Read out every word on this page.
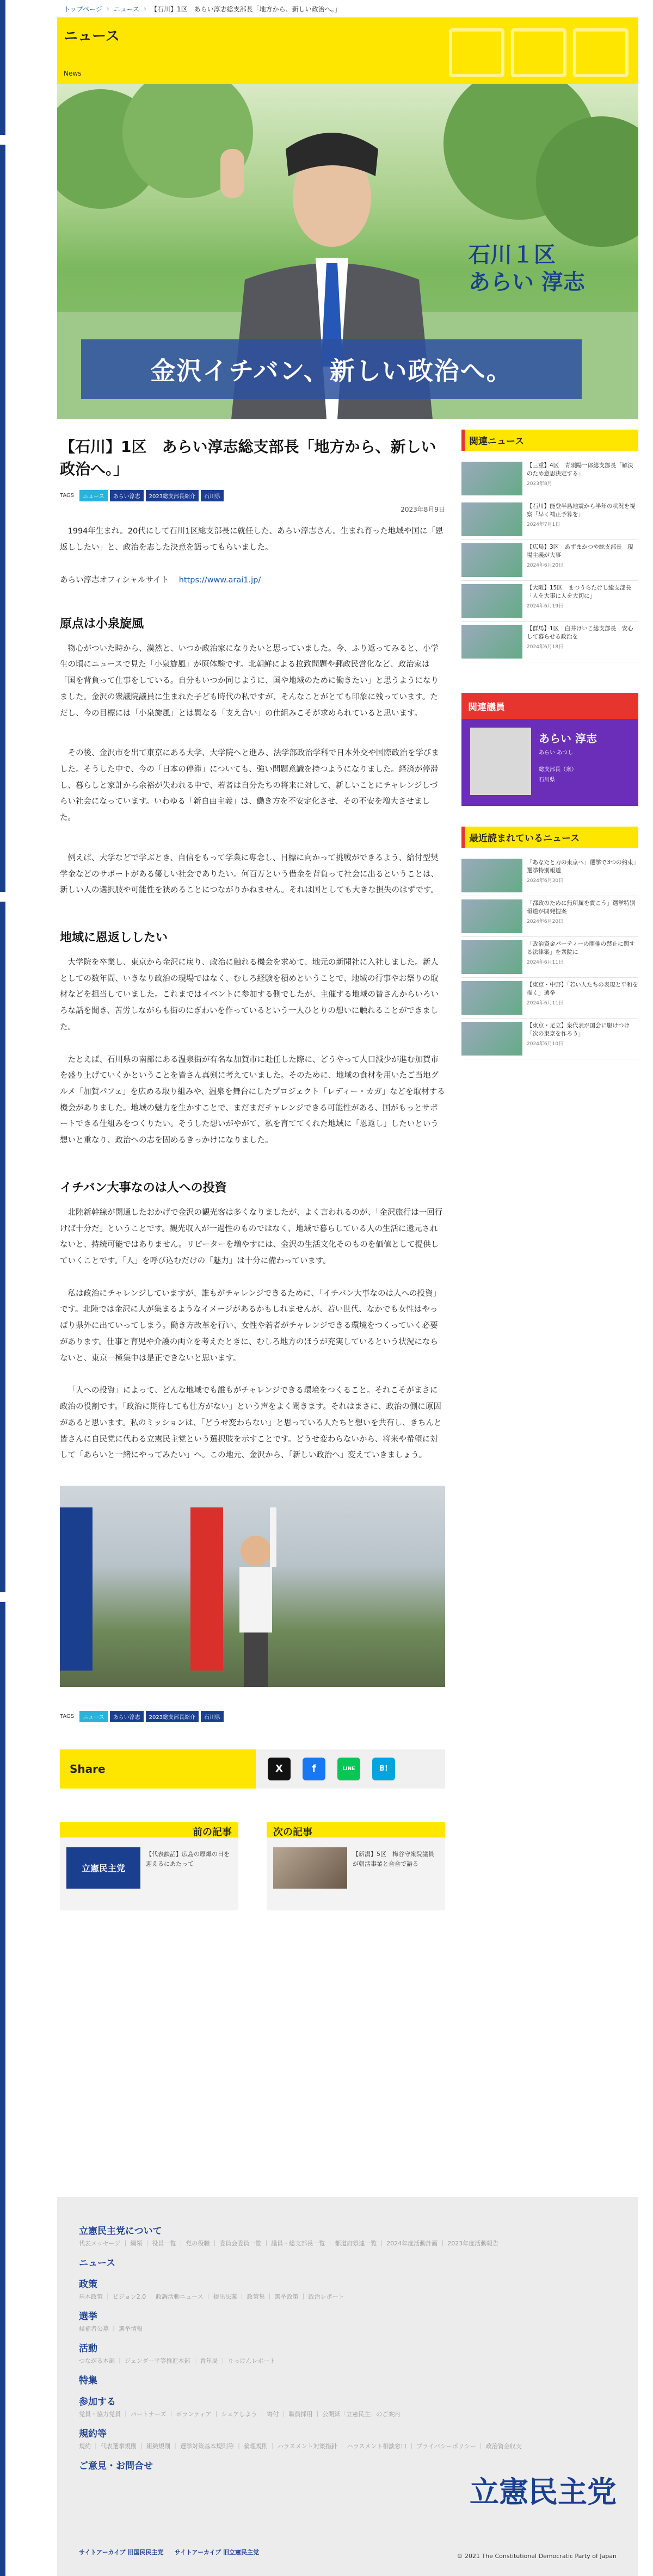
トップページ › ニュース › 【石川】1区　あらい淳志総支部長「地方から、新しい政治へ。」
ニュース
News
石川１区
あらい 淳志
金沢イチバン、新しい政治へ。
【石川】1区　あらい淳志総支部長「地方から、新しい政治へ。」
TAGS	ニュース	あらい淳志	2023総支部長紹介	石川県
2023年8月9日

1994年生まれ。20代にして石川1区総支部長に就任した、あらい淳志さん。生まれ育った地域や国に「恩返ししたい」と、政治を志した決意を語ってもらいました。

あらい淳志オフィシャルサイト https://www.arai1.jp/
原点は小泉旋風

物心がついた時から、漠然と、いつか政治家になりたいと思っていました。今、ふり返ってみると、小学生の頃にニュースで見た「小泉旋風」が原体験です。北朝鮮による拉致問題や郵政民営化など、政治家は「国を背負って仕事をしている。自分もいつか同じように、国や地域のために働きたい」と思うようになりました。金沢の衆議院議員に生まれた子ども時代の私ですが、そんなことがとても印象に残っています。ただし、今の目標には「小泉旋風」とは異なる「支え合い」の仕組みこそが求められていると思います。

その後、金沢市を出て東京にある大学、大学院へと進み、法学部政治学科で日本外交や国際政治を学びました。そうした中で、今の「日本の停滞」についても、強い問題意識を持つようになりました。経済が停滞し、暮らしと家計から余裕が失われる中で、若者は自分たちの将来に対して、新しいことにチャレンジしづらい社会になっています。いわゆる「新自由主義」は、働き方を不安定化させ、その不安を増大させました。

例えば、大学などで学ぶとき、自信をもって学業に専念し、目標に向かって挑戦ができるよう、給付型奨学金などのサポートがある優しい社会でありたい。何百万という借金を背負って社会に出るということは、新しい人の選択肢や可能性を狭めることにつながりかねません。それは国としても大きな損失のはずです。

地域に恩返ししたい

大学院を卒業し、東京から金沢に戻り、政治に触れる機会を求めて、地元の新聞社に入社しました。新人としての数年間、いきなり政治の現場ではなく、むしろ経験を積めということで、地域の行事やお祭りの取材などを担当していました。これまではイベントに参加する側でしたが、主催する地域の皆さんからいろいろな話を聞き、苦労しながらも街のにぎわいを作っているという一人ひとりの想いに触れることができました。

たとえば、石川県の南部にある温泉街が有名な加賀市に赴任した際に、どうやって人口減少が進む加賀市を盛り上げていくかということを皆さん真剣に考えていました。そのために、地域の食材を用いたご当地グルメ「加賀パフェ」を広める取り組みや、温泉を舞台にしたプロジェクト「レディー・カガ」などを取材する機会がありました。地域の魅力を生かすことで、まだまだチャレンジできる可能性がある、国がもっとサポートできる仕組みをつくりたい。そうした想いがやがて、私を育ててくれた地域に「恩返し」したいという想いと重なり、政治への志を固めるきっかけになりました。

イチバン大事なのは人への投資

北陸新幹線が開通したおかげで金沢の観光客は多くなりましたが、よく言われるのが、「金沢旅行は一回行けば十分だ」ということです。観光収入が一過性のものではなく、地域で暮らしている人の生活に還元されないと、持続可能ではありません。リピーターを増やすには、金沢の生活文化そのものを価値として提供していくことです。「人」を呼び込むだけの「魅力」は十分に備わっています。

私は政治にチャレンジしていますが、誰もがチャレンジできるために、「イチバン大事なのは人への投資」です。北陸では金沢に人が集まるようなイメージがあるかもしれませんが、若い世代、なかでも女性はやっぱり県外に出ていってしまう。働き方改革を行い、女性や若者がチャレンジできる環境をつくっていく必要があります。仕事と育児や介護の両立を考えたときに、むしろ地方のほうが充実しているという状況にならないと、東京一極集中は是正できないと思います。

「人への投資」によって、どんな地域でも誰もがチャレンジできる環境をつくること。それこそがまさに政治の役割です。「政治に期待しても仕方がない」という声をよく聞きます。それはまさに、政治の側に原因があると思います。私のミッションは、「どうせ変わらない」と思っている人たちと想いを共有し、きちんと皆さんに自民党に代わる立憲民主党という選択肢を示すことです。どうせ変わらないから、将来や希望に対して「あらいと一緒にやってみたい」へ。この地元、金沢から、「新しい政治へ」変えていきましょう。

TAGS	ニュース	あらい淳志	2023総支部長紹介	石川県
Share	X	f	LINE	B!
前の記事
立憲民主党
【代表談話】広島の原爆の日を迎えるにあたって
次の記事
【新潟】5区　梅谷守衆院議員が朝活事業と合合で語る
関連ニュース
【三重】4区　青須陽一郎総支部長「解決のため意思決定する」
2023年8月
【石川】能登半島地震から半年の状況を視察「早く補正予算を」
2024年7月1日
【広島】3区　あずまかつや総支部長　現場主義が大事
2024年6月20日
【大阪】15区　まつうらたけし総支部長「人を大事に人を大切に」
2024年6月19日
【群馬】1区　白井けいこ総支部長　安心して暮らせる政治を
2024年6月18日
関連議員
あらい 淳志
あらい あつし
総支部長（衆）
石川県
最近読まれているニュース
「あなたと力の東京へ」選挙で3つの約束」選挙特別報道
2024年6月30日
「都政のために無所属を貫こう」選挙特別報道が開発提案
2024年6月20日
「政治資金パーティーの開催の禁止に関する法律案」を衆院に
2024年6月11日
【東京・中野】「若い人たちの表現と平和を描く」選挙
2024年6月11日
【東京・足立】泉代表が国会に駆けつけ「次の東京を作ろう」
2024年6月10日
立憲民主党について
代表メッセージ ｜ 綱領 ｜ 役員一覧 ｜ 党の役職 ｜ 委員会委員一覧 ｜ 議員・総支部長一覧 ｜ 都道府県連一覧 ｜ 2024年度活動計画 ｜ 2023年度活動報告
ニュース
政策
基本政策 ｜ ビジョン2.0 ｜ 政調活動ニュース ｜ 提出法案 ｜ 政策集 ｜ 選挙政策 ｜ 政治レポート
選挙
候補者公募 ｜ 選挙情報
活動
つながる本部 ｜ ジェンダー平等推進本部 ｜ 青年局 ｜ りっけんレポート
特集
参加する
党員・協力党員 ｜ パートナーズ ｜ ボランティア ｜ シェアしよう ｜ 寄付 ｜ 職員採用 ｜ 公開紙「立憲民主」のご案内
規約等
規約 ｜ 代表選挙規則 ｜ 組織規則 ｜ 選挙対策基本規則等 ｜ 倫理規則 ｜ ハラスメント対策指針 ｜ ハラスメント相談窓口 ｜ プライバシーポリシー ｜ 政治資金収支
ご意見・お問合せ
立憲民主党
サイトアーカイブ 旧国民民主党 サイトアーカイブ 旧立憲民主党
© 2021 The Constitutional Democratic Party of Japan
